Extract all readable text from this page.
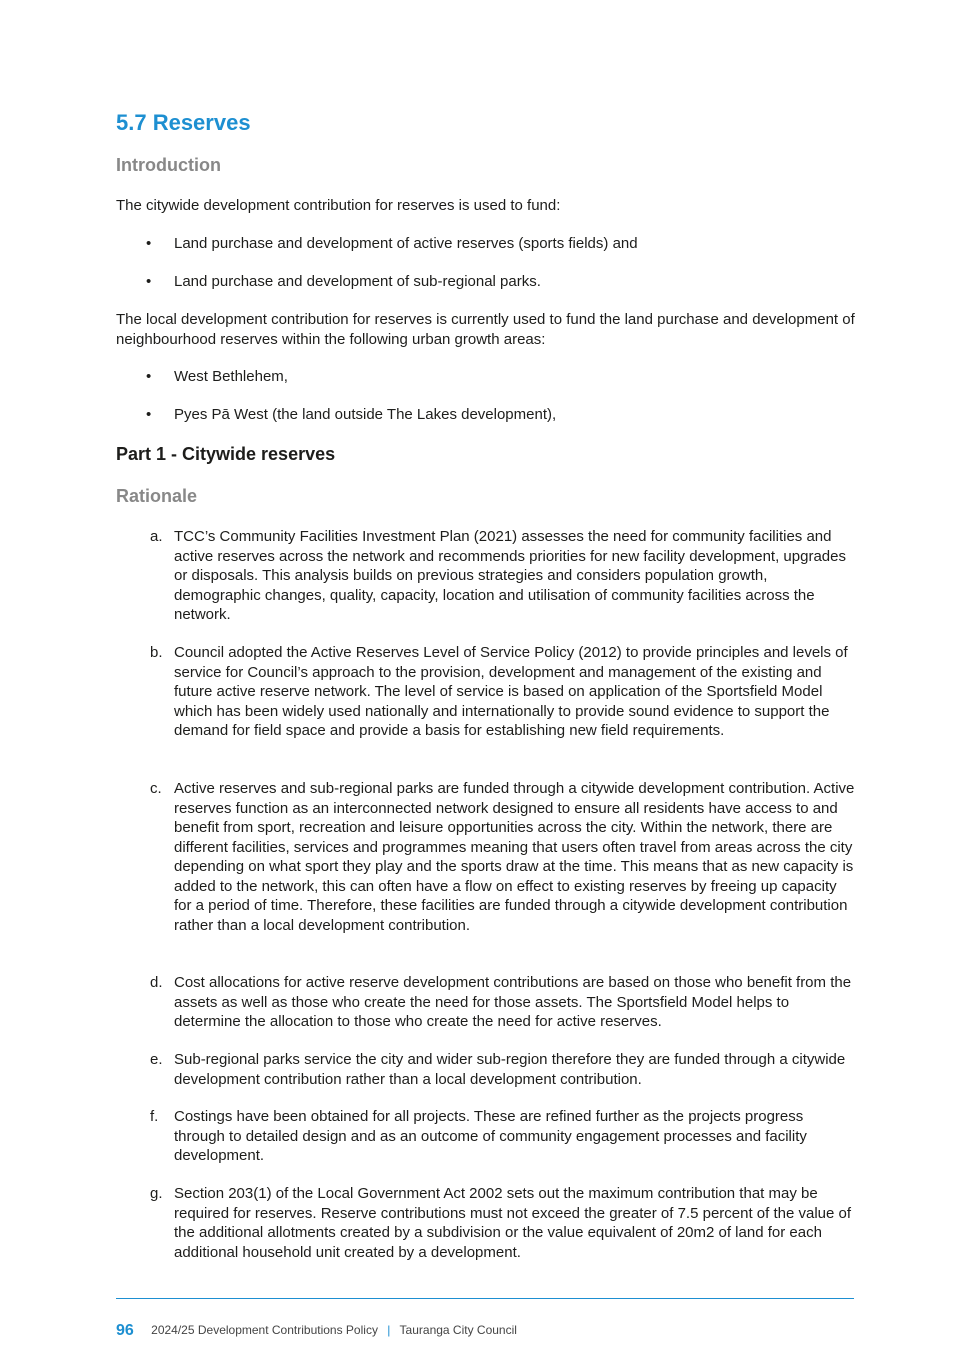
5.7 Reserves
Introduction

The citywide development contribution for reserves is used to fund:

• Land purchase and development of active reserves (sports fields) and
• Land purchase and development of sub-regional parks.

The local development contribution for reserves is currently used to fund the land purchase and development of neighbourhood reserves within the following urban growth areas:

• West Bethlehem,
• Pyes Pā West (the land outside The Lakes development),
Part 1 - Citywide reserves
Rationale
a. TCC’s Community Facilities Investment Plan (2021) assesses the need for community facilities and active reserves across the network and recommends priorities for new facility development, upgrades or disposals. This analysis builds on previous strategies and considers population growth, demographic changes, quality, capacity, location and utilisation of community facilities across the network.
b. Council adopted the Active Reserves Level of Service Policy (2012) to provide principles and levels of service for Council’s approach to the provision, development and management of the existing and future active reserve network. The level of service is based on application of the Sportsfield Model which has been widely used nationally and internationally to provide sound evidence to support the demand for field space and provide a basis for establishing new field requirements.
c. Active reserves and sub-regional parks are funded through a citywide development contribution. Active reserves function as an interconnected network designed to ensure all residents have access to and benefit from sport, recreation and leisure opportunities across the city. Within the network, there are different facilities, services and programmes meaning that users often travel from areas across the city depending on what sport they play and the sports draw at the time. This means that as new capacity is added to the network, this can often have a flow on effect to existing reserves by freeing up capacity for a period of time. Therefore, these facilities are funded through a citywide development contribution rather than a local development contribution.
d. Cost allocations for active reserve development contributions are based on those who benefit from the assets as well as those who create the need for those assets. The Sportsfield Model helps to determine the allocation to those who create the need for active reserves.
e. Sub-regional parks service the city and wider sub-region therefore they are funded through a citywide development contribution rather than a local development contribution.
f. Costings have been obtained for all projects. These are refined further as the projects progress through to detailed design and as an outcome of community engagement processes and facility development.
g. Section 203(1) of the Local Government Act 2002 sets out the maximum contribution that may be required for reserves. Reserve contributions must not exceed the greater of 7.5 percent of the value of the additional allotments created by a subdivision or the value equivalent of 20m2 of land for each additional household unit created by a development.
96 2024/25 Development Contributions Policy | Tauranga City Council
